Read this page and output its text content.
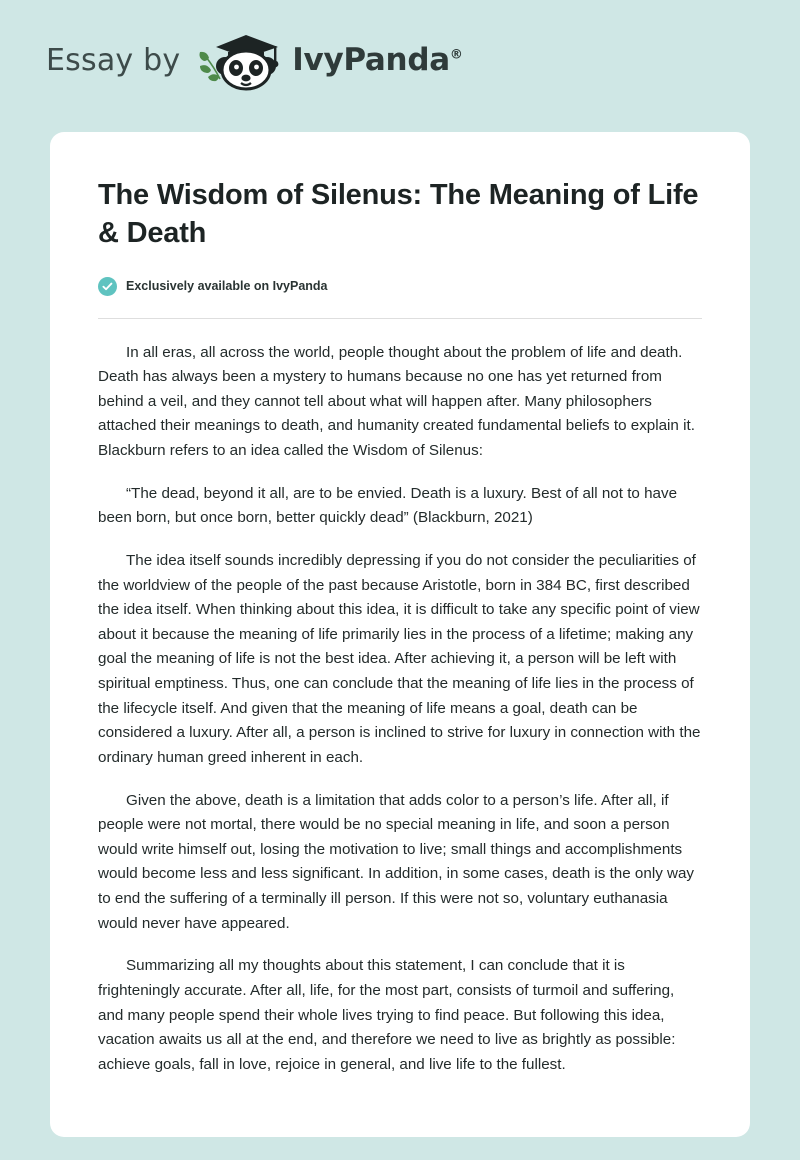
Essay by	IvyPanda®
The Wisdom of Silenus: The Meaning of Life & Death
Exclusively available on IvyPanda

In all eras, all across the world, people thought about the problem of life and death. Death has always been a mystery to humans because no one has yet returned from behind a veil, and they cannot tell about what will happen after. Many philosophers attached their meanings to death, and humanity created fundamental beliefs to explain it. Blackburn refers to an idea called the Wisdom of Silenus:

“The dead, beyond it all, are to be envied. Death is a luxury. Best of all not to have been born, but once born, better quickly dead” (Blackburn, 2021)

The idea itself sounds incredibly depressing if you do not consider the peculiarities of the worldview of the people of the past because Aristotle, born in 384 BC, first described the idea itself. When thinking about this idea, it is difficult to take any specific point of view about it because the meaning of life primarily lies in the process of a lifetime; making any goal the meaning of life is not the best idea. After achieving it, a person will be left with spiritual emptiness. Thus, one can conclude that the meaning of life lies in the process of the lifecycle itself. And given that the meaning of life means a goal, death can be considered a luxury. After all, a person is inclined to strive for luxury in connection with the ordinary human greed inherent in each.

Given the above, death is a limitation that adds color to a person’s life. After all, if people were not mortal, there would be no special meaning in life, and soon a person would write himself out, losing the motivation to live; small things and accomplishments would become less and less significant. In addition, in some cases, death is the only way to end the suffering of a terminally ill person. If this were not so, voluntary euthanasia would never have appeared.

Summarizing all my thoughts about this statement, I can conclude that it is frighteningly accurate. After all, life, for the most part, consists of turmoil and suffering, and many people spend their whole lives trying to find peace. But following this idea, vacation awaits us all at the end, and therefore we need to live as brightly as possible: achieve goals, fall in love, rejoice in general, and live life to the fullest.
